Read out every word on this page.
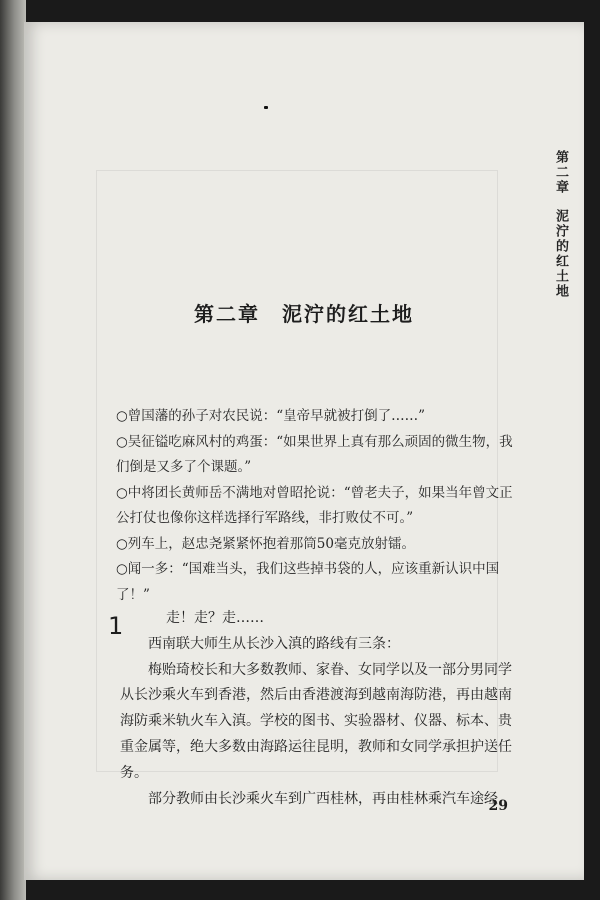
第二章泥泞的红土地
第二章 泥泞的红土地

○曾国藩的孙子对农民说：“皇帝早就被打倒了……”

○吴征镒吃麻风村的鸡蛋：“如果世界上真有那么顽固的微生物，我们倒是又多了个课题。”

○中将团长黄师岳不满地对曾昭抡说：“曾老夫子，如果当年曾文正公打仗也像你这样选择行军路线，非打败仗不可。”

○列车上，赵忠尧紧紧怀抱着那筒50毫克放射镭。

○闻一多：“国难当头，我们这些掉书袋的人，应该重新认识中国了！”

1	走！走？走……

西南联大师生从长沙入滇的路线有三条：

梅贻琦校长和大多数教师、家眷、女同学以及一部分男同学从长沙乘火车到香港，然后由香港渡海到越南海防港，再由越南海防乘米轨火车入滇。学校的图书、实验器材、仪器、标本、贵重金属等，绝大多数由海路运往昆明，教师和女同学承担护送任务。

部分教师由长沙乘火车到广西桂林，再由桂林乘汽车途经

29
